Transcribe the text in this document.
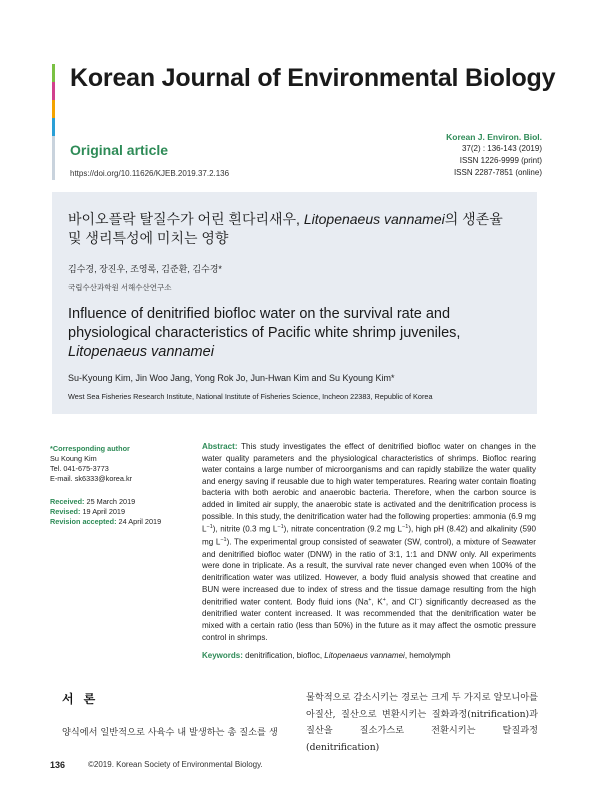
Korean Journal of Environmental Biology
Original article
https://doi.org/10.11626/KJEB.2019.37.2.136
Korean J. Environ. Biol.
37(2) : 136-143 (2019)
ISSN 1226-9999 (print)
ISSN 2287-7851 (online)
바이오플락 탈질수가 어린 흰다리새우, Litopenaeus vannamei의 생존율 및 생리특성에 미치는 영향
김수경, 장진우, 조영록, 김준환, 김수경*
국립수산과학원 서해수산연구소
Influence of denitrified biofloc water on the survival rate and physiological characteristics of Pacific white shrimp juveniles,
Litopenaeus vannamei
Su-Kyoung Kim, Jin Woo Jang, Yong Rok Jo, Jun-Hwan Kim and Su Kyoung Kim*
West Sea Fisheries Research Institute, National Institute of Fisheries Science, Incheon 22383, Republic of Korea
*Corresponding author
Su Koung Kim
Tel. 041-675-3773
E-mail. sk6333@korea.kr
Received: 25 March 2019
Revised: 19 April 2019
Revision accepted: 24 April 2019
Abstract: This study investigates the effect of denitrified biofloc water on changes in the water quality parameters and the physiological characteristics of shrimps. Biofloc rearing water contains a large number of microorganisms and can rapidly stabilize the water quality and energy saving if reusable due to high water temperatures. Rearing water contain floating bacteria with both aerobic and anaerobic bacteria. Therefore, when the carbon source is added in limited air supply, the anaerobic state is activated and the denitrification process is possible. In this study, the denitrification water had the following properties: ammonia (6.9 mg $L^{-1}$), nitrite (0.3 mg $L^{-1}$), nitrate concentration (9.2 mg $L^{-1}$), high pH (8.42) and alkalinity (590 mg $L^{-1}$). The experimental group consisted of seawater (SW, control), a mixture of Seawater and denitrified biofloc water (DNW) in the ratio of 3:1, 1:1 and DNW only. All experiments were done in triplicate. As a result, the survival rate never changed even when 100% of the denitrification water was utilized. However, a body fluid analysis showed that creatine and BUN were increased due to index of stress and the tissue damage resulting from the high denitrified water content. Body fluid ions (Na+, K+, and Cl−) significantly decreased as the denitrified water content increased. It was recommended that the denitrification water be mixed with a certain ratio (less than 50%) in the future as it may affect the osmotic pressure control in shrimps.
Keywords: denitrification, biofloc, Litopenaeus vannamei, hemolymph
서론
양식에서 일반적으로 사육수 내 발생하는 총 질소를 생
물학적으로 감소시키는 경로는 크게 두 가지로 알모니아를 아질산, 질산으로 변환시키는 질화과정(nitrification)과 질산을 질소가스로 전환시키는 탈질과정(denitrification)
136	©2019. Korean Society of Environmental Biology.
